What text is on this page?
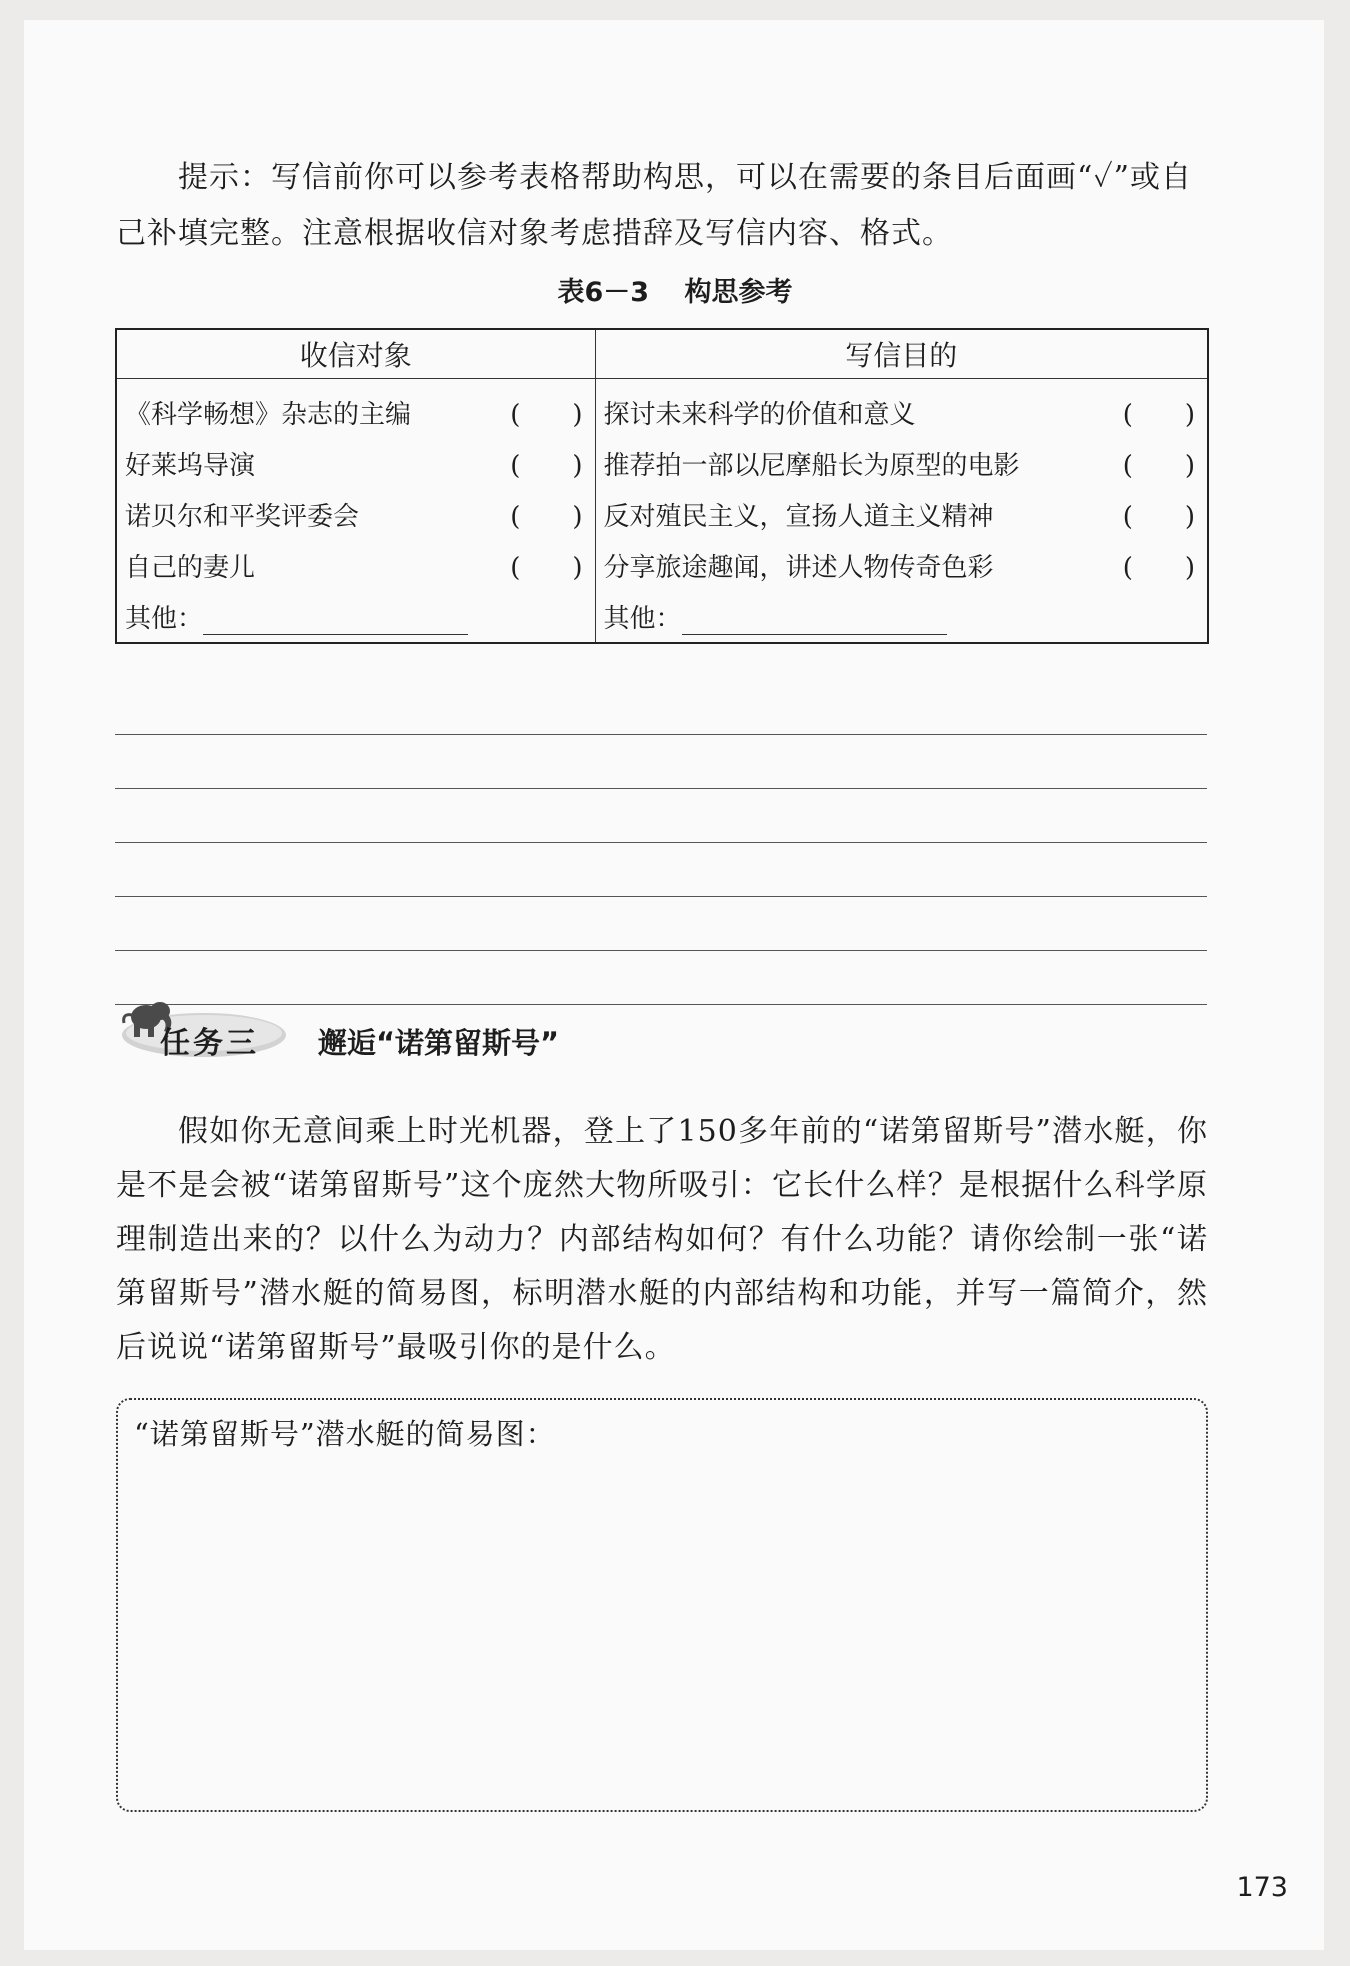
提示：写信前你可以参考表格帮助构思，可以在需要的条目后面画“✓”或自己补填完整。注意根据收信对象考虑措辞及写信内容、格式。
表6－3 构思参考
收信对象	写信目的

《科学畅想》杂志的主编 (　　)	探讨未来科学的价值和意义 (　　)

好莱坞导演 (　　)	推荐拍一部以尼摩船长为原型的电影 (　　)

诺贝尔和平奖评委会 (　　)	反对殖民主义，宣扬人道主义精神 (　　)

自己的妻儿 (　　)	分享旅途趣闻，讲述人物传奇色彩 (　　)

其他：	其他：
任务三 邂逅“诺第留斯号”
假如你无意间乘上时光机器，登上了150多年前的“诺第留斯号”潜水艇，你是不是会被“诺第留斯号”这个庞然大物所吸引：它长什么样？是根据什么科学原理制造出来的？以什么为动力？内部结构如何？有什么功能？请你绘制一张“诺第留斯号”潜水艇的简易图，标明潜水艇的内部结构和功能，并写一篇简介，然后说说“诺第留斯号”最吸引你的是什么。
“诺第留斯号”潜水艇的简易图：
173
